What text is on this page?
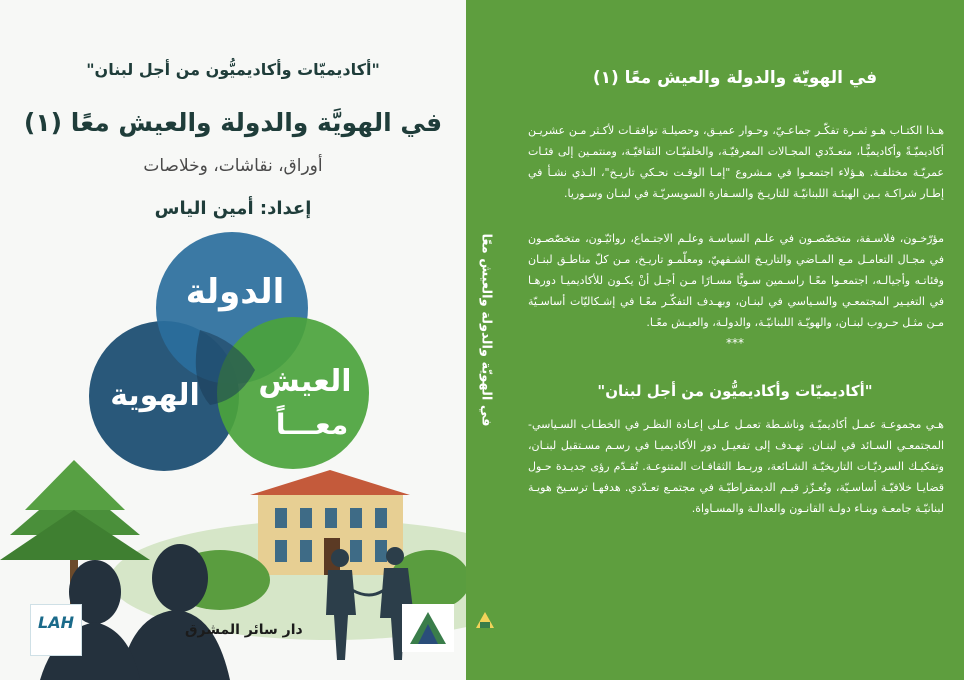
"أكاديميّات وأكاديميُّون من أجل لبنان"
في الهويَّة والدولة والعيش معًا (١)
أوراق، نقاشات، وخلاصات
إعداد: أمين الياس
الدولة
الهوية	العيش
معـــاً
LAH	دار سائر المشرق
في الهويّة والدولة والعيش معًا
في الهويّة والدولة والعيش معًا (١)
هـذا الكتـاب هـو ثمـرة تفكّـر جماعـيّ، وحـوار عميـق، وحصيلـة توافقـات لأكـثر مـن عشريـن أكاديميّـةً وأكاديميًّـا، متعـدّدي المجـالات المعرفيّـة، والخلفيّـات الثقافيّـة، ومنتمـين إلى فئـات عمريّـة مختلفـة. هـؤلاء اجتمعـوا في مـشروع "إمـا الوقـت نحـكي تاريـخ"، الـذي نشـأ في إطـار شراكـة بـين الهيئـة اللبنانيّـة للتاريـخ والسـفارة السويسريّـة في لبنـان وسـوريا.
مؤرّخـون، فلاسـفة، متخصّصـون في علـم السياسـة وعلـم الاجتـماع، روائيّـون، متخصّصـون في مجـال التعامـل مـع المـاضي والتاريـخ الشـفهيّ، ومعلّمـو تاريـخ، مـن كلّ مناطـق لبنـان وفئاتـه وأجيالـه، اجتمعـوا معًـا راسـمين سـويًّا مسـارًا مـن أجـل أنْ يكـون للأكاديميـا دورهـا في التغيـير المجتمعـي والسـياسي في لبنـان، وبهـدف التفكّـر معًـا في إشـكاليّات أساسـيّة مـن مثـل حـروب لبنـان، والهويّـة اللبنانيّـة، والدولـة، والعيـش معًـا.
***
"أكاديميّات وأكاديميُّون من أجل لبنان"
هـي مجموعـة عمـل أكاديميّـة وناشـطة تعمـل عـلى إعـادة النظـر في الخطـاب السـياسي-المجتمعـي السـائد في لبنـان. تهـدف إلى تفعيـل دور الأكاديميـا في رسـم مسـتقبل لبنـان، وتفكيـك السرديّـات التاريخيّـة الشـائعة، وربـط الثقافـات المتنوعـة. تُقـدّم رؤى جديـدة حـول قضايـا خلافيّـة أساسـيّة، وتُعـزّز قيـم الديمقراطيّـة في مجتمـع تعـدّدي. هدفهـا ترسـيخ هويـة لبنانيّـة جامعـة وبنـاء دولـة القانـون والعدالـة والمسـاواة.
